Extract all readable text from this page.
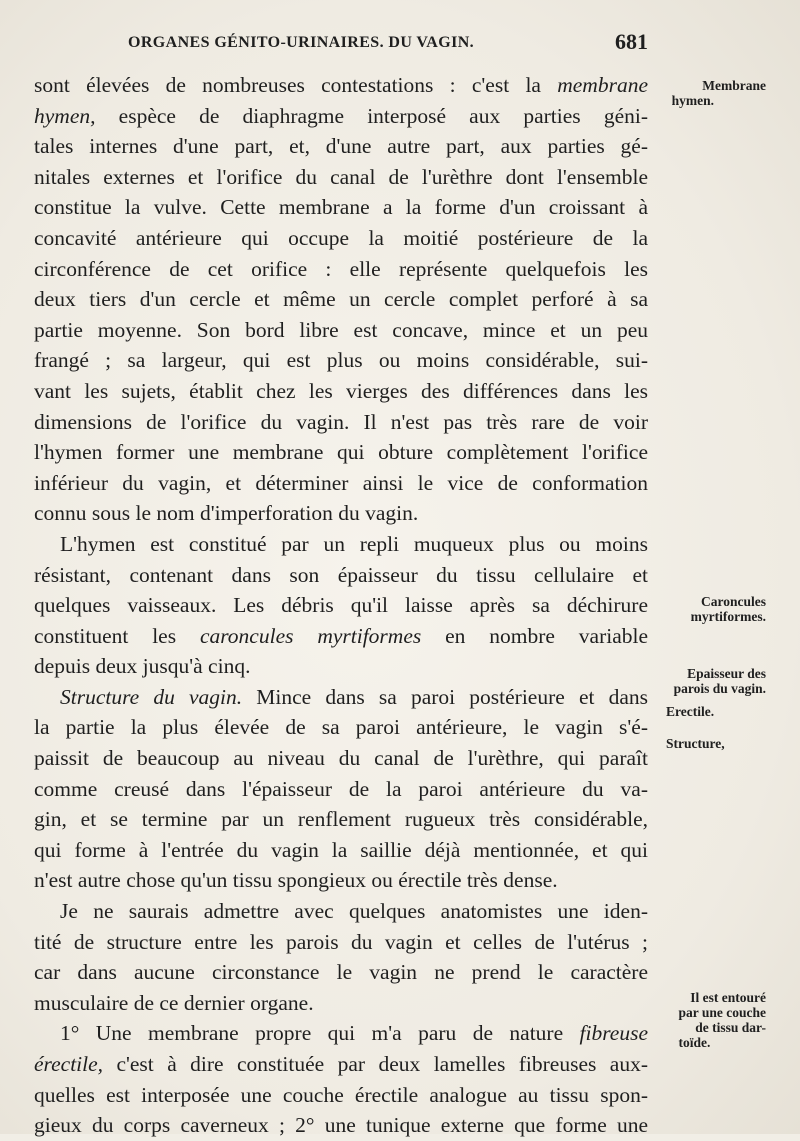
ORGANES GÉNITO-URINAIRES. DU VAGIN.	681
sont élevées de nombreuses contestations : c'est la membrane
hymen, espèce de diaphragme interposé aux parties géni-
tales internes d'une part, et, d'une autre part, aux parties gé-
nitales externes et l'orifice du canal de l'urèthre dont l'ensemble
constitue la vulve. Cette membrane a la forme d'un croissant à
concavité antérieure qui occupe la moitié postérieure de la
circonférence de cet orifice : elle représente quelquefois les
deux tiers d'un cercle et même un cercle complet perforé à sa
partie moyenne. Son bord libre est concave, mince et un peu
frangé ; sa largeur, qui est plus ou moins considérable, sui-
vant les sujets, établit chez les vierges des différences dans les
dimensions de l'orifice du vagin. Il n'est pas très rare de voir
l'hymen former une membrane qui obture complètement l'orifice
inférieur du vagin, et déterminer ainsi le vice de conformation
connu sous le nom d'imperforation du vagin.
L'hymen est constitué par un repli muqueux plus ou moins
résistant, contenant dans son épaisseur du tissu cellulaire et
quelques vaisseaux. Les débris qu'il laisse après sa déchirure
constituent les caroncules myrtiformes en nombre variable
depuis deux jusqu'à cinq.
Structure du vagin. Mince dans sa paroi postérieure et dans
la partie la plus élevée de sa paroi antérieure, le vagin s'é-
paissit de beaucoup au niveau du canal de l'urèthre, qui paraît
comme creusé dans l'épaisseur de la paroi antérieure du va-
gin, et se termine par un renflement rugueux très considérable,
qui forme à l'entrée du vagin la saillie déjà mentionnée, et qui
n'est autre chose qu'un tissu spongieux ou érectile très dense.
Je ne saurais admettre avec quelques anatomistes une iden-
tité de structure entre les parois du vagin et celles de l'utérus ;
car dans aucune circonstance le vagin ne prend le caractère
musculaire de ce dernier organe.
1° Une membrane propre qui m'a paru de nature fibreuse
érectile, c'est à dire constituée par deux lamelles fibreuses aux-
quelles est interposée une couche érectile analogue au tissu spon-
gieux du corps caverneux ; 2° une tunique externe que forme une
Membrane
hymen.
Caroncules
myrtiformes.
Epaisseur des
parois du vagin.
Erectile.
Structure,
Il est entouré
par une couche
de tissu dar-
toïde.
